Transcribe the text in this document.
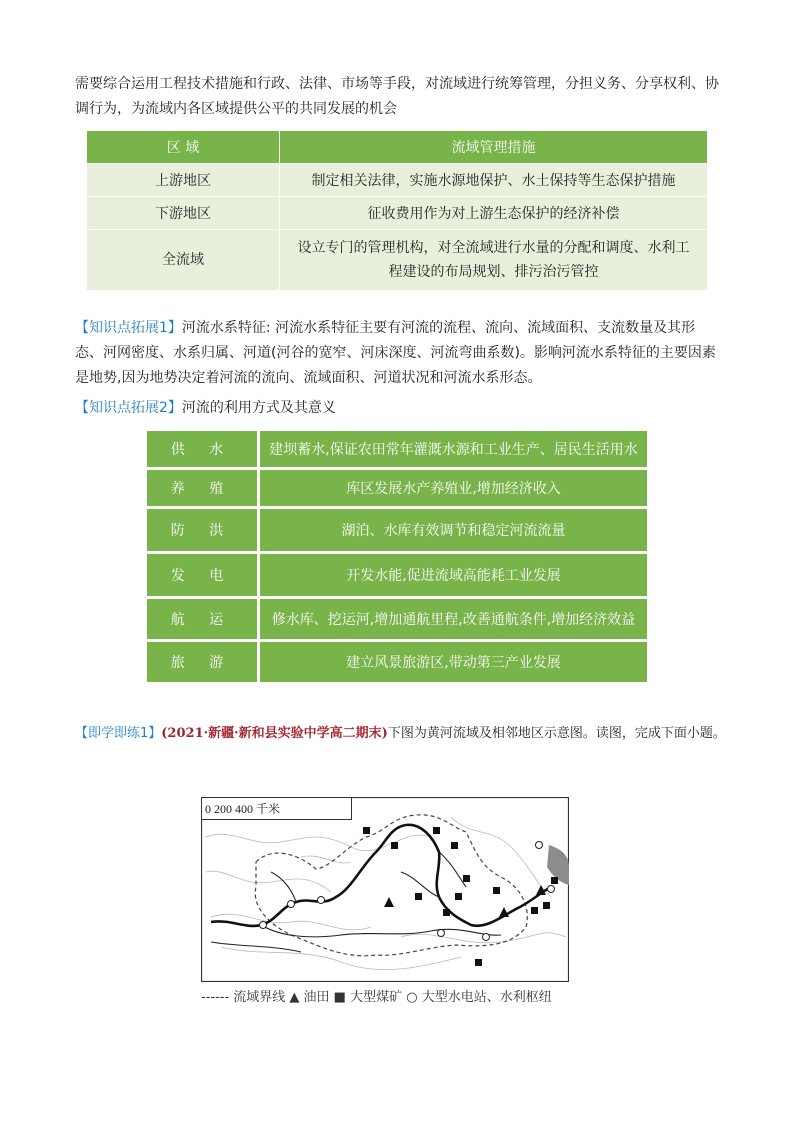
需要综合运用工程技术措施和行政、法律、市场等手段，对流域进行统筹管理，分担义务、分享权利、协调行为，为流域内各区域提供公平的共同发展的机会
区 域	流域管理措施
上游地区	制定相关法律，实施水源地保护、水土保持等生态保护措施
下游地区	征收费用作为对上游生态保护的经济补偿
全流域	设立专门的管理机构，对全流域进行水量的分配和调度、水利工程建设的布局规划、排污治污管控
【知识点拓展1】河流水系特征: 河流水系特征主要有河流的流程、流向、流域面积、支流数量及其形态、河网密度、水系归属、河道(河谷的宽窄、河床深度、河流弯曲系数)。影响河流水系特征的主要因素是地势,因为地势决定着河流的流向、流域面积、河道状况和河流水系形态。
【知识点拓展2】河流的利用方式及其意义
供 水	建坝蓄水,保证农田常年灌溉水源和工业生产、居民生活用水
养 殖	库区发展水产养殖业,增加经济收入
防 洪	湖泊、水库有效调节和稳定河流流量
发 电	开发水能,促进流域高能耗工业发展
航 运	修水库、挖运河,增加通航里程,改善通航条件,增加经济效益
旅 游	建立风景旅游区,带动第三产业发展
【即学即练1】(2021·新疆·新和县实验中学高二期末)下图为黄河流域及相邻地区示意图。读图，完成下面小题。
0 200 400 千米
------ 流域界线 ▲ 油田 ■ 大型煤矿 ○ 大型水电站、水利枢纽
